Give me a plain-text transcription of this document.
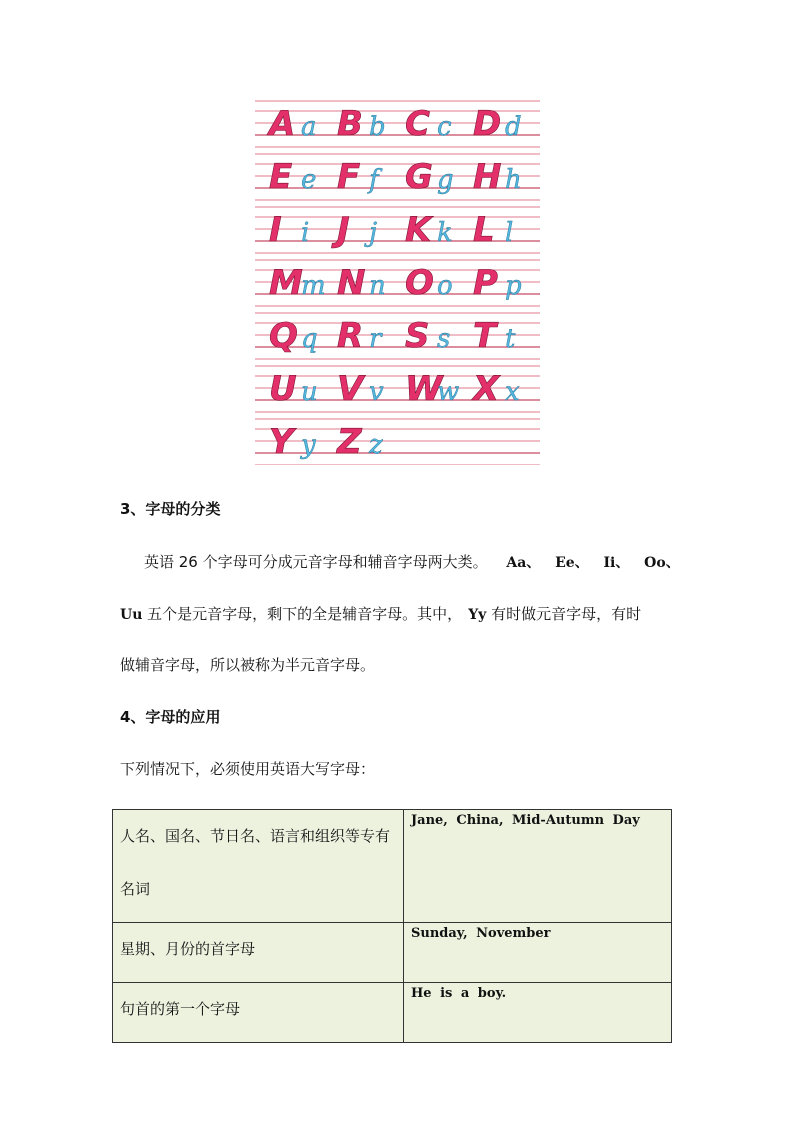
A a B b C c D d
E e F f G g H h
I i J j K k L l
M
m N n O o P p
Q q R r S s T t
U u V v W
w X x
Y y Z z
3、字母的分类
英语 26 个字母可分成元音字母和辅音字母两大类。 Aa、 Ee、 Ii、 Oo、
Uu 五个是元音字母，剩下的全是辅音字母。其中， Yy 有时做元音字母，有时
做辅音字母，所以被称为半元音字母。
4、字母的应用
下列情况下，必须使用英语大写字母：
人名、国名、节日名、语言和组织等专有名词	Jane, China, Mid-Autumn Day
星期、月份的首字母	Sunday, November
句首的第一个字母	He is a boy.
